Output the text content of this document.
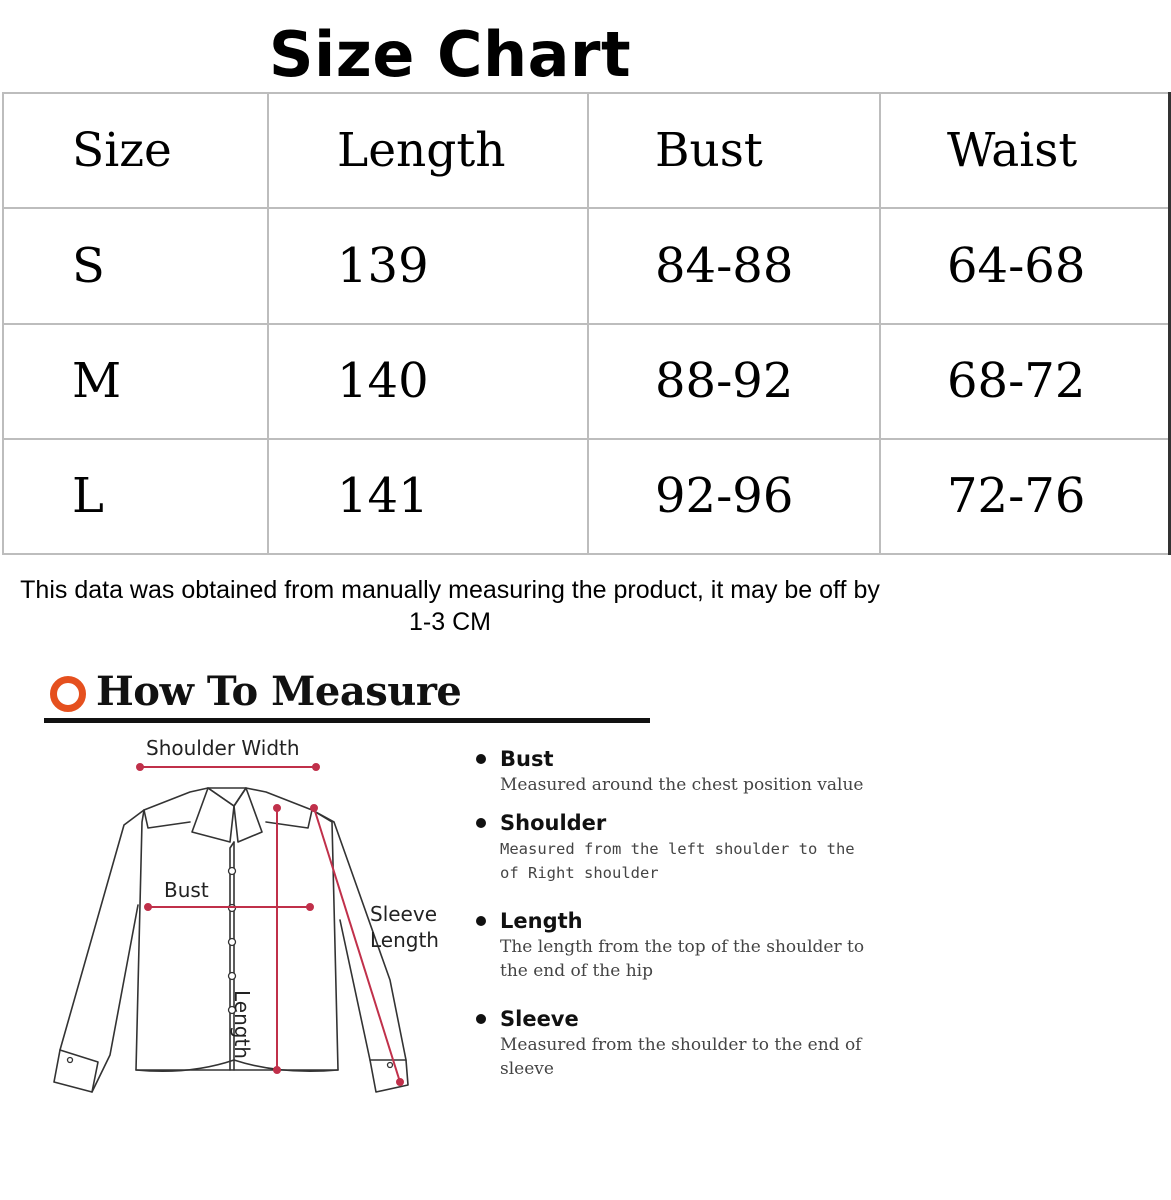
Size Chart
Size	Length	Bust	Waist
S	139	84-88	64-68
M	140	88-92	68-72
L	141	92-96	72-76
This data was obtained from manually measuring the product, it may be off by 1-3 CM
How To Measure
Shoulder Width
Bust
Sleeve
Length
Length
Bust
Measured around the chest position value
Shoulder
Measured from the left shoulder to the of Right shoulder
Length
The length from the top of the shoulder to the end of the hip
Sleeve
Measured from the shoulder to the end of sleeve
